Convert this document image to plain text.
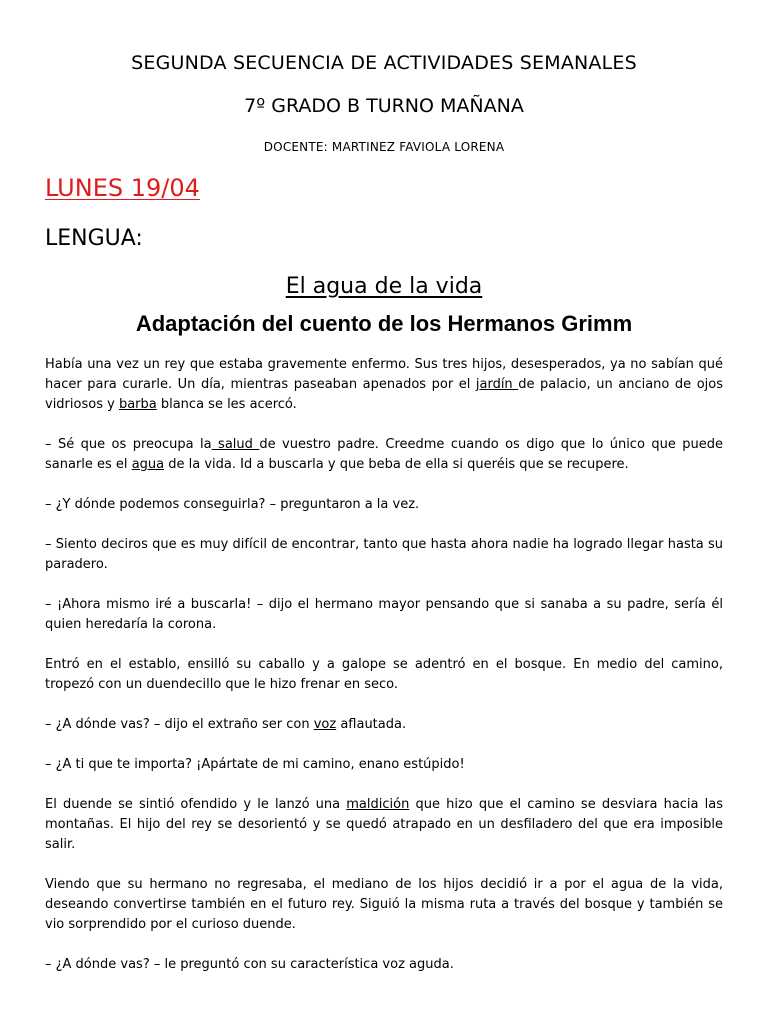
SEGUNDA SECUENCIA DE ACTIVIDADES SEMANALES
7º GRADO B TURNO MAÑANA
DOCENTE: MARTINEZ FAVIOLA LORENA
LUNES 19/04
LENGUA:
El agua de la vida
Adaptación del cuento de los Hermanos Grimm

Había una vez un rey que estaba gravemente enfermo. Sus tres hijos, desesperados, ya no sabían qué hacer para curarle. Un día, mientras paseaban apenados por el jardín de palacio, un anciano de ojos vidriosos y barba blanca se les acercó.

– Sé que os preocupa la salud de vuestro padre. Creedme cuando os digo que lo único que puede sanarle es el agua de la vida. Id a buscarla y que beba de ella si queréis que se recupere.

– ¿Y dónde podemos conseguirla? – preguntaron a la vez.

– Siento deciros que es muy difícil de encontrar, tanto que hasta ahora nadie ha logrado llegar hasta su paradero.

– ¡Ahora mismo iré a buscarla! – dijo el hermano mayor pensando que si sanaba a su padre, sería él quien heredaría la corona.

Entró en el establo, ensilló su caballo y a galope se adentró en el bosque. En medio del camino, tropezó con un duendecillo que le hizo frenar en seco.

– ¿A dónde vas? – dijo el extraño ser con voz aflautada.

– ¿A ti que te importa? ¡Apártate de mi camino, enano estúpido!

El duende se sintió ofendido y le lanzó una maldición que hizo que el camino se desviara hacia las montañas. El hijo del rey se desorientó y se quedó atrapado en un desfiladero del que era imposible salir.

Viendo que su hermano no regresaba, el mediano de los hijos decidió ir a por el agua de la vida, deseando convertirse también en el futuro rey. Siguió la misma ruta a través del bosque y también se vio sorprendido por el curioso duende.

– ¿A dónde vas? – le preguntó con su característica voz aguda.
